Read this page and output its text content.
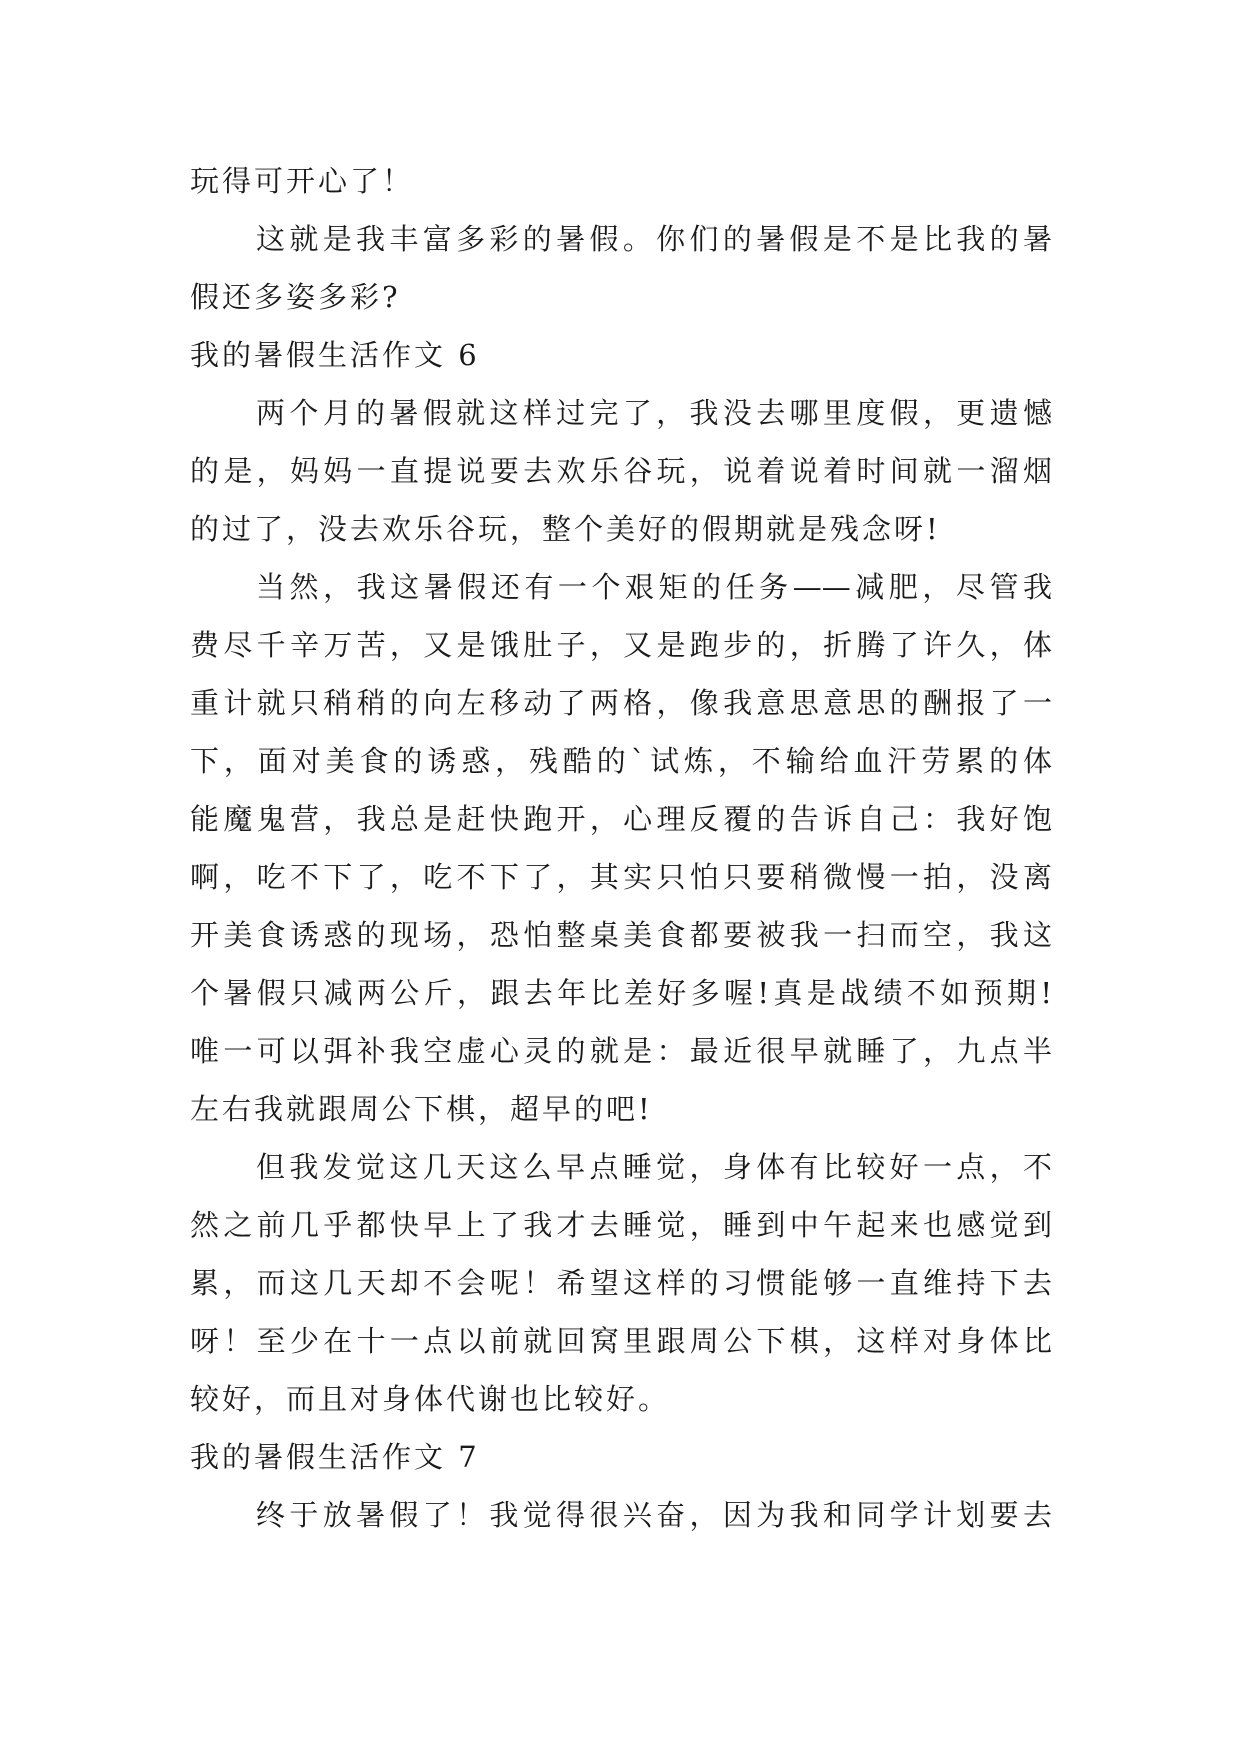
玩得可开心了！
这就是我丰富多彩的暑假。你们的暑假是不是比我的暑
假还多姿多彩?
我的暑假生活作文 6
两个月的暑假就这样过完了，我没去哪里度假，更遗憾
的是，妈妈一直提说要去欢乐谷玩，说着说着时间就一溜烟
的过了，没去欢乐谷玩，整个美好的假期就是残念呀!
当然，我这暑假还有一个艰矩的任务——减肥，尽管我
费尽千辛万苦，又是饿肚子，又是跑步的，折腾了许久，体
重计就只稍稍的向左移动了两格，像我意思意思的酬报了一
下，面对美食的诱惑，残酷的`试炼，不输给血汗劳累的体
能魔鬼营，我总是赶快跑开，心理反覆的告诉自己：我好饱
啊，吃不下了，吃不下了，其实只怕只要稍微慢一拍，没离
开美食诱惑的现场，恐怕整桌美食都要被我一扫而空，我这
个暑假只减两公斤，跟去年比差好多喔!真是战绩不如预期!
唯一可以弭补我空虚心灵的就是：最近很早就睡了，九点半
左右我就跟周公下棋，超早的吧!
但我发觉这几天这么早点睡觉，身体有比较好一点，不
然之前几乎都快早上了我才去睡觉，睡到中午起来也感觉到
累，而这几天却不会呢！希望这样的习惯能够一直维持下去
呀！至少在十一点以前就回窝里跟周公下棋，这样对身体比
较好，而且对身体代谢也比较好。
我的暑假生活作文 7
终于放暑假了！我觉得很兴奋，因为我和同学计划要去
